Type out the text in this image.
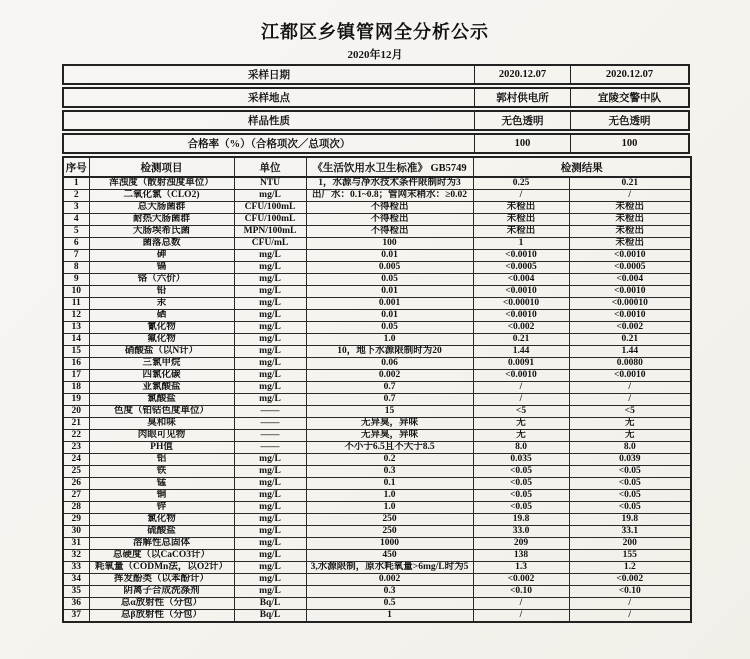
江都区乡镇管网全分析公示
2020年12月
采样日期	2020.12.07	2020.12.07
采样地点	郭村供电所	宜陵交警中队
样品性质	无色透明	无色透明
合格率（%）（合格项次／总项次）	100	100
序号	检测项目	单位	《生活饮用水卫生标准》 GB5749	检测结果	
1	浑浊度（散射浊度单位）	NTU	1，水源与净水技术条件限制时为3	0.25	0.21
2	二氧化氯（CLO2)	mg/L	出厂水：0.1~0.8；管网末稍水：≥0.02	/	/
3	总大肠菌群	CFU/100mL	不得检出	未检出	未检出
4	耐热大肠菌群	CFU/100mL	不得检出	未检出	未检出
5	大肠埃希氏菌	MPN/100mL	不得检出	未检出	未检出
6	菌落总数	CFU/mL	100	1	未检出
7	砷	mg/L	0.01	<0.0010	<0.0010
8	镉	mg/L	0.005	<0.0005	<0.0005
9	铬（六价）	mg/L	0.05	<0.004	<0.004
10	铅	mg/L	0.01	<0.0010	<0.0010
11	汞	mg/L	0.001	<0.00010	<0.00010
12	硒	mg/L	0.01	<0.0010	<0.0010
13	氰化物	mg/L	0.05	<0.002	<0.002
14	氟化物	mg/L	1.0	0.21	0.21
15	硝酸盐（以N计）	mg/L	10，地下水源限制时为20	1.44	1.44
16	三氯甲烷	mg/L	0.06	0.0091	0.0080
17	四氯化碳	mg/L	0.002	<0.0010	<0.0010
18	亚氯酸盐	mg/L	0.7	/	/
19	氯酸盐	mg/L	0.7	/	/
20	色度（铂钴色度单位）	——	15	<5	<5
21	臭和味	——	无异臭，异味	无	无
22	肉眼可见物	——	无异臭，异味	无	无
23	PH值	——	不小于6.5且不大于8.5	8.0	8.0
24	铝	mg/L	0.2	0.035	0.039
25	铁	mg/L	0.3	<0.05	<0.05
26	锰	mg/L	0.1	<0.05	<0.05
27	铜	mg/L	1.0	<0.05	<0.05
28	锌	mg/L	1.0	<0.05	<0.05
29	氯化物	mg/L	250	19.8	19.8
30	硫酸盐	mg/L	250	33.0	33.1
31	溶解性总固体	mg/L	1000	209	200
32	总硬度（以CaCO3计）	mg/L	450	138	155
33	耗氧量（CODMn法，以O2计）	mg/L	3,水源限制，原水耗氧量>6mg/L时为5	1.3	1.2
34	挥发酚类（以苯酚计）	mg/L	0.002	<0.002	<0.002
35	阴离子合成洗涤剂	mg/L	0.3	<0.10	<0.10
36	总α放射性（分包）	Bq/L	0.5	/	/
37	总β放射性（分包）	Bq/L	1	/	/
